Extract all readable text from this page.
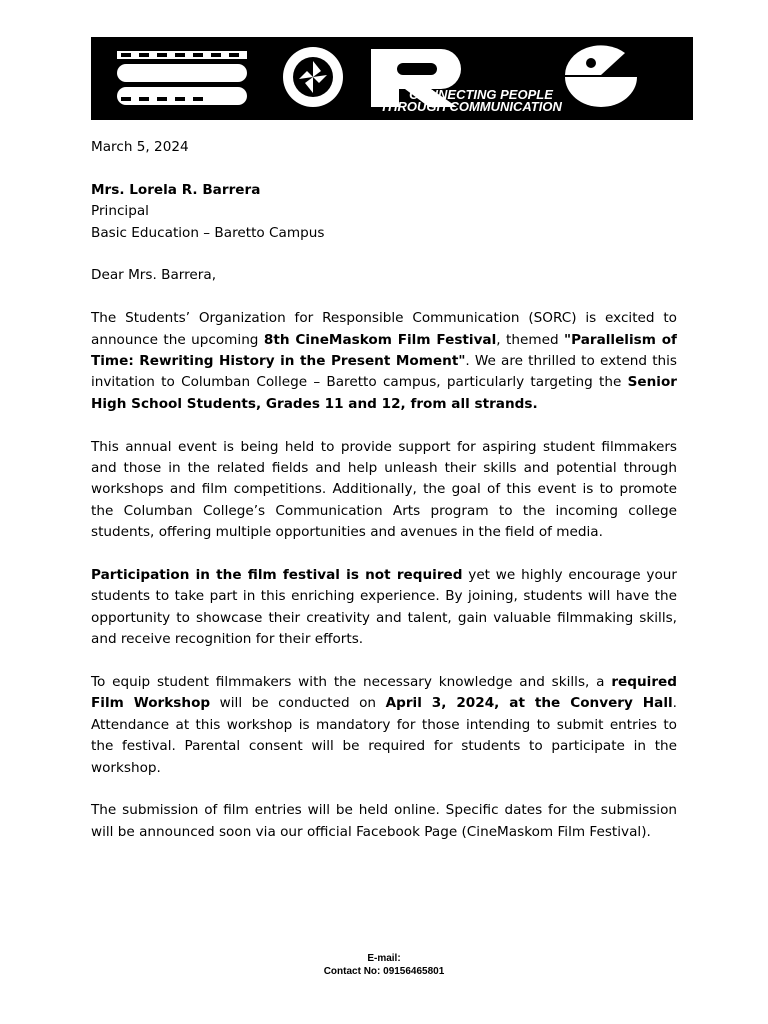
CONNECTING PEOPLE
THROUGH COMMUNICATION

March 5, 2024

Mrs. Lorela R. Barrera

Principal

Basic Education – Baretto Campus

Dear Mrs. Barrera,

The Students’ Organization for Responsible Communication (SORC) is excited to announce the upcoming 8th CineMaskom Film Festival, themed "Parallelism of Time: Rewriting History in the Present Moment". We are thrilled to extend this invitation to Columban College – Baretto campus, particularly targeting the Senior High School Students, Grades 11 and 12, from all strands.

This annual event is being held to provide support for aspiring student filmmakers and those in the related fields and help unleash their skills and potential through workshops and film competitions. Additionally, the goal of this event is to promote the Columban College’s Communication Arts program to the incoming college students, offering multiple opportunities and avenues in the field of media.

Participation in the film festival is not required yet we highly encourage your students to take part in this enriching experience. By joining, students will have the opportunity to showcase their creativity and talent, gain valuable filmmaking skills, and receive recognition for their efforts.

To equip student filmmakers with the necessary knowledge and skills, a required Film Workshop will be conducted on April 3, 2024, at the Convery Hall. Attendance at this workshop is mandatory for those intending to submit entries to the festival. Parental consent will be required for students to participate in the workshop.

The submission of film entries will be held online. Specific dates for the submission will be announced soon via our official Facebook Page (CineMaskom Film Festival).

E-mail:
Contact No: 09156465801
